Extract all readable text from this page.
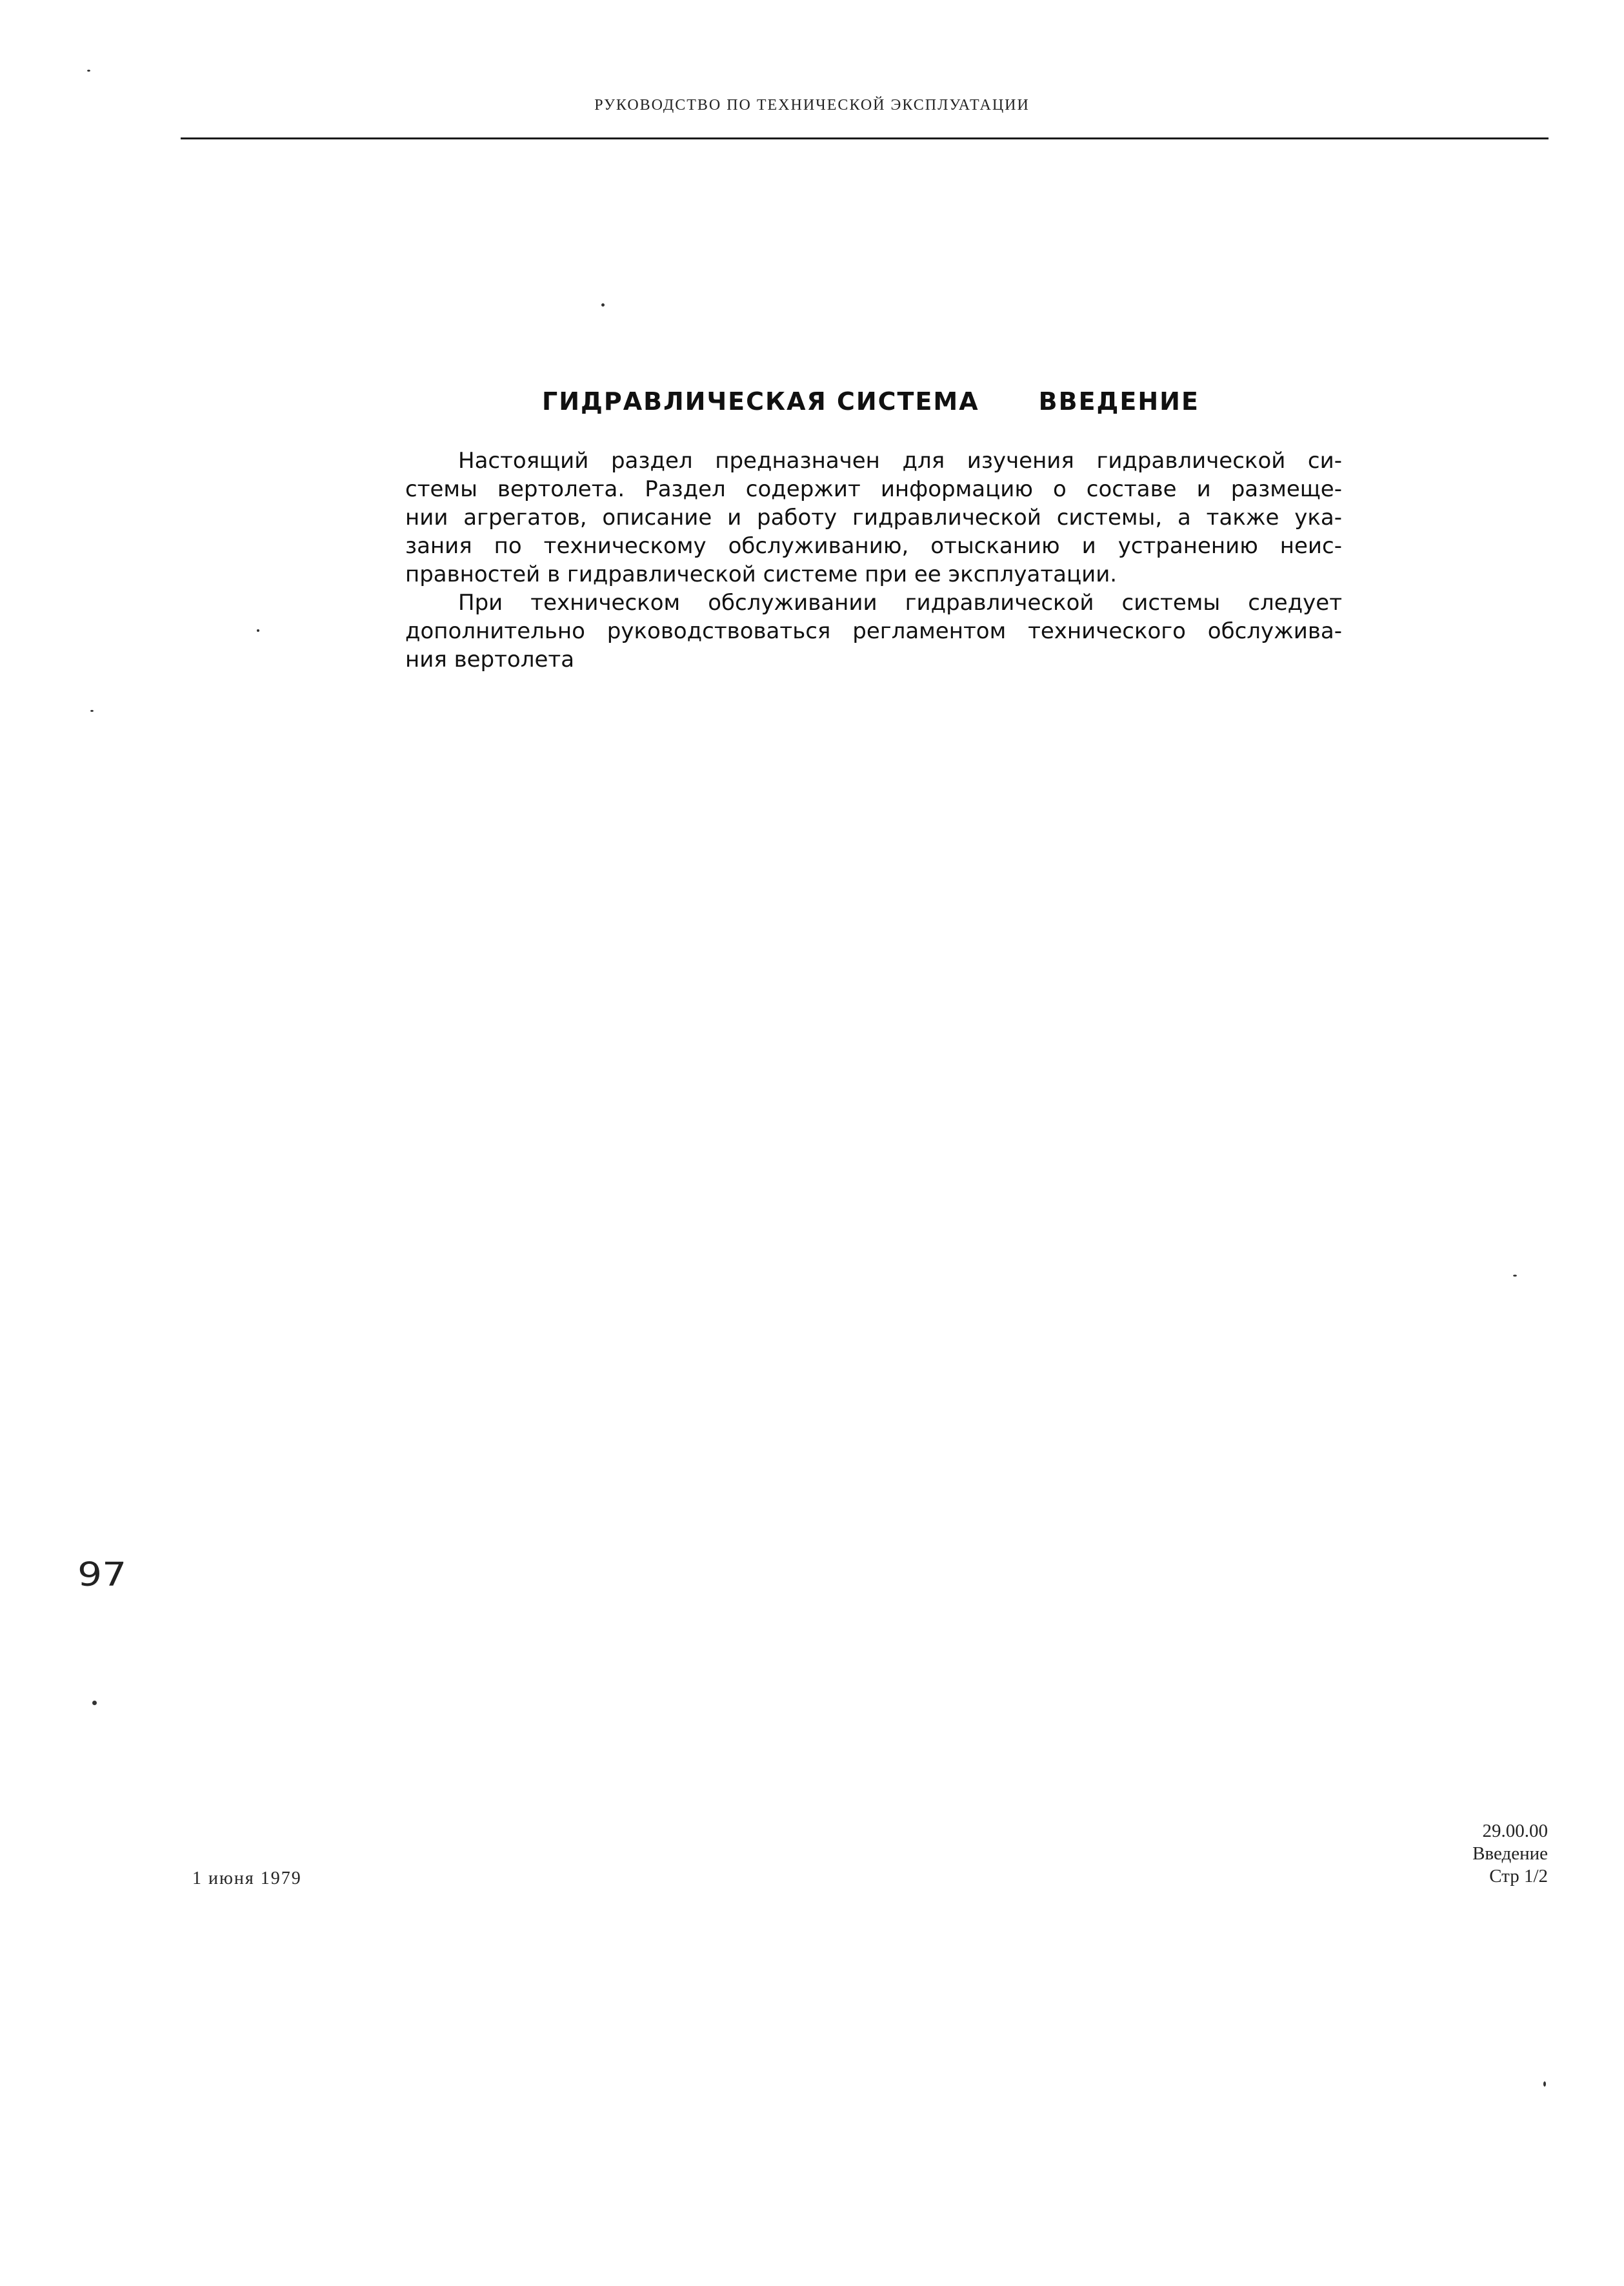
РУКОВОДСТВО ПО ТЕХНИЧЕСКОЙ ЭКСПЛУАТАЦИИ
ГИДРАВЛИЧЕСКАЯ СИСТЕМА ВВЕДЕНИЕ

Настоящий раздел предназначен для изучения гидравлической си-
стемы вертолета. Раздел содержит информацию о составе и размеще-
нии агрегатов, описание и работу гидравлической системы, а также ука-
зания по техническому обслуживанию, отысканию и устранению неис-
правностей в гидравлической системе при ее эксплуатации.

При техническом обслуживании гидравлической системы следует
дополнительно руководствоваться регламентом технического обслужива-
ния вертолета

97
1 июня 1979
29.00.00
Введение
Стр 1/2
